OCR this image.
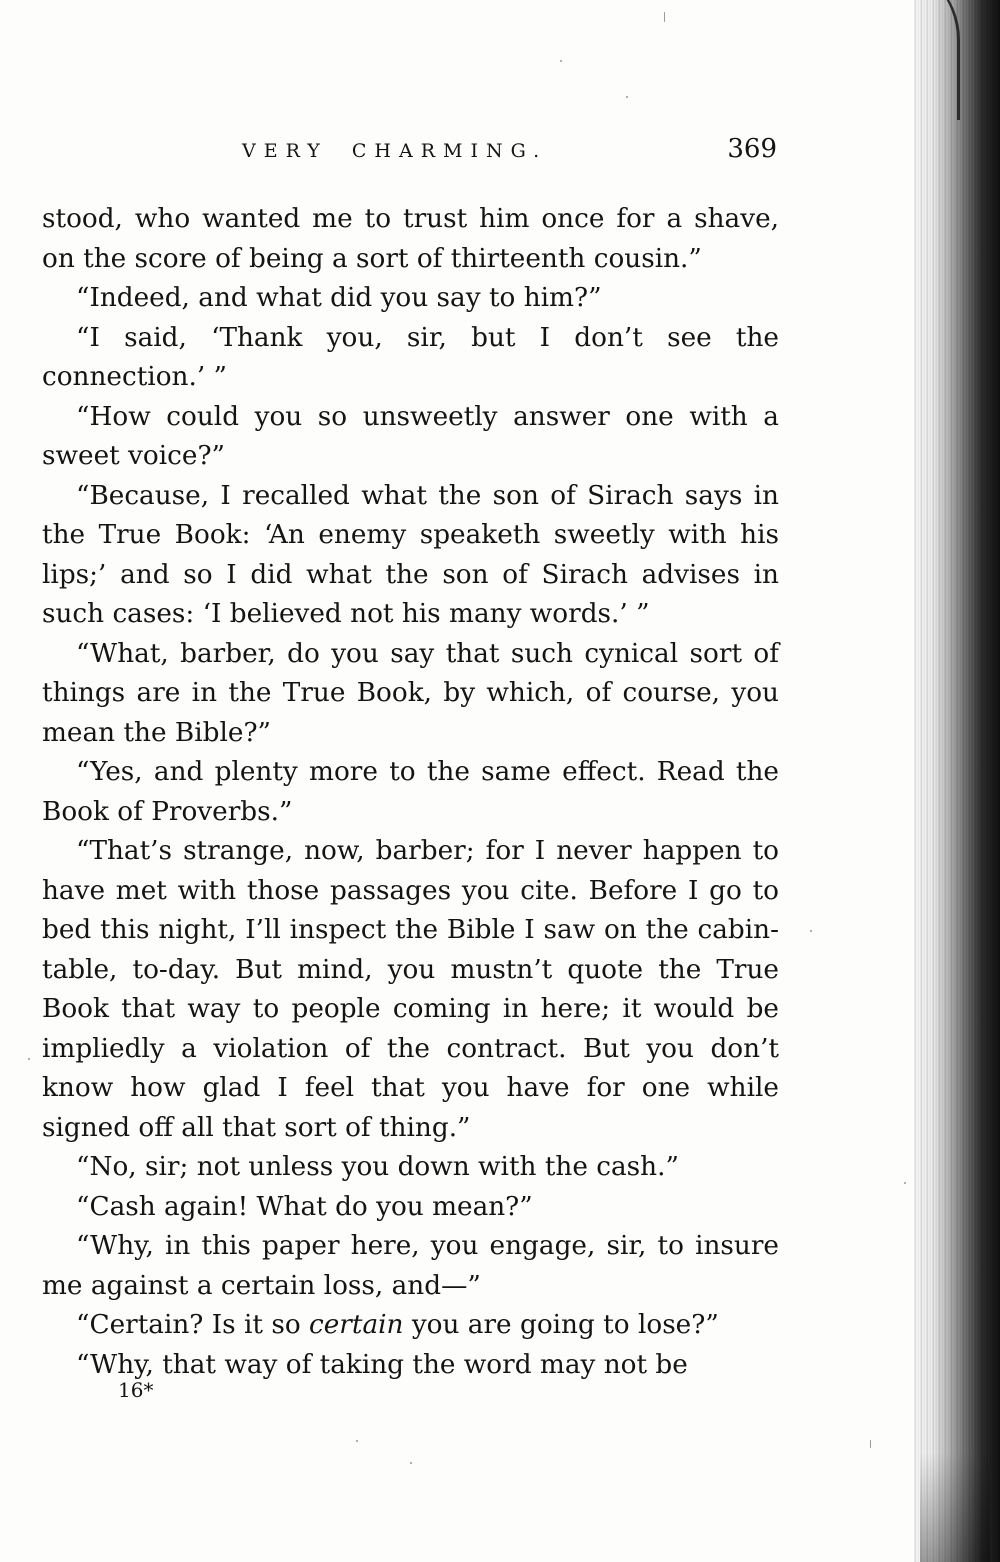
VERY CHARMING.	369

stood, who wanted me to trust him once for a shave, on the score of being a sort of thirteenth cousin.”

“Indeed, and what did you say to him?”

“I said, ‘Thank you, sir, but I don’t see the connection.’ ”

“How could you so unsweetly answer one with a sweet voice?”

“Because, I recalled what the son of Sirach says in the True Book: ‘An enemy speaketh sweetly with his lips;’ and so I did what the son of Sirach advises in such cases: ‘I believed not his many words.’ ”

“What, barber, do you say that such cynical sort of things are in the True Book, by which, of course, you mean the Bible?”

“Yes, and plenty more to the same effect. Read the Book of Proverbs.”

“That’s strange, now, barber; for I never happen to have met with those passages you cite. Before I go to bed this night, I’ll inspect the Bible I saw on the cabin-table, to-day. But mind, you mustn’t quote the True Book that way to people coming in here; it would be impliedly a violation of the contract. But you don’t know how glad I feel that you have for one while signed off all that sort of thing.”

“No, sir; not unless you down with the cash.”

“Cash again! What do you mean?”

“Why, in this paper here, you engage, sir, to insure me against a certain loss, and—”

“Certain? Is it so certain you are going to lose?”

“Why, that way of taking the word may not be

16*
